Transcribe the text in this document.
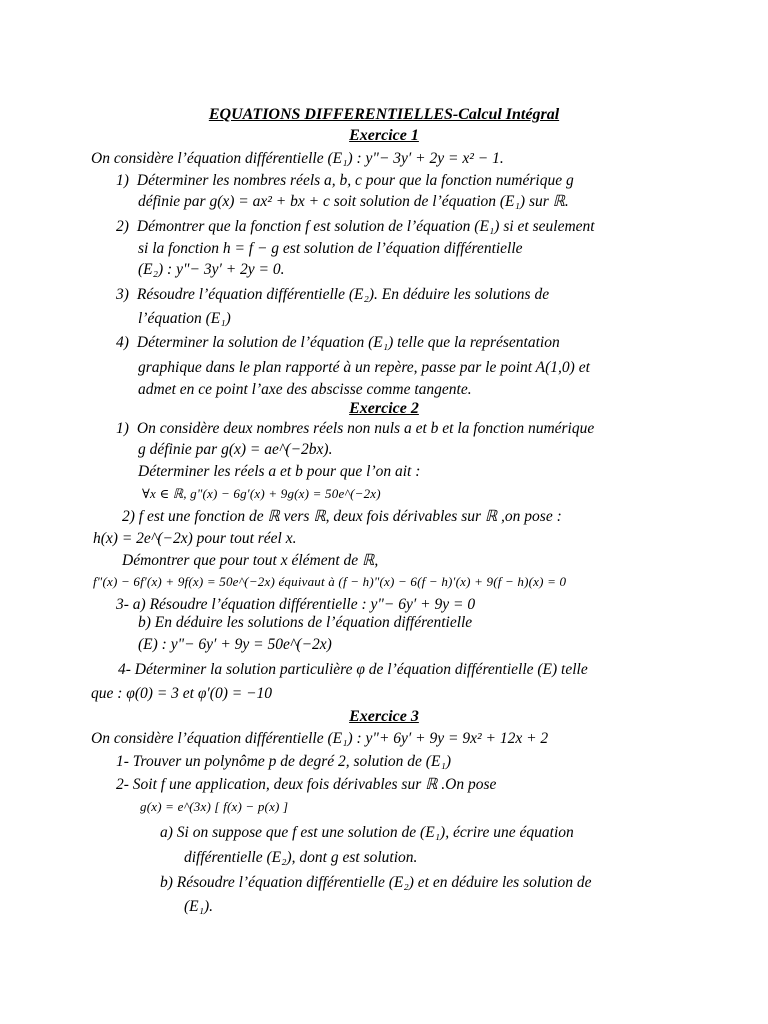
EQUATIONS DIFFERENTIELLES-Calcul Intégral
Exercice 1
On considère l’équation différentielle (E₁) : y"− 3y′ + 2y = x² − 1.
1) Déterminer les nombres réels a, b, c pour que la fonction numérique g
définie par g(x) = ax² + bx + c soit solution de l’équation (E₁) sur ℝ.
2) Démontrer que la fonction f est solution de l’équation (E₁) si et seulement
si la fonction h = f − g est solution de l’équation différentielle
(E₂) : y"− 3y′ + 2y = 0.
3) Résoudre l’équation différentielle (E₂). En déduire les solutions de
l’équation (E₁)
4) Déterminer la solution de l’équation (E₁) telle que la représentation
graphique dans le plan rapporté à un repère, passe par le point A(1,0) et
admet en ce point l’axe des abscisse comme tangente.
Exercice 2
1) On considère deux nombres réels non nuls a et b et la fonction numérique
g définie par g(x) = ae^(−2bx).
Déterminer les réels a et b pour que l’on ait :
∀x ∈ ℝ, g"(x) − 6g′(x) + 9g(x) = 50e^(−2x)
2) f est une fonction de ℝ vers ℝ, deux fois dérivables sur ℝ ,on pose :
h(x) = 2e^(−2x) pour tout réel x.
Démontrer que pour tout x élément de ℝ,
f"(x) − 6f′(x) + 9f(x) = 50e^(−2x) équivaut à (f − h)"(x) − 6(f − h)′(x) + 9(f − h)(x) = 0
3- a) Résoudre l’équation différentielle : y"− 6y′ + 9y = 0
b) En déduire les solutions de l’équation différentielle
(E) : y"− 6y′ + 9y = 50e^(−2x)
4- Déterminer la solution particulière φ de l’équation différentielle (E) telle
que : φ(0) = 3 et φ′(0) = −10
Exercice 3
On considère l’équation différentielle (E₁) : y"+ 6y′ + 9y = 9x² + 12x + 2
1- Trouver un polynôme p de degré 2, solution de (E₁)
2- Soit f une application, deux fois dérivables sur ℝ .On pose
g(x) = e^(3x) [ f(x) − p(x) ]
a) Si on suppose que f est une solution de (E₁), écrire une équation
différentielle (E₂), dont g est solution.
b) Résoudre l’équation différentielle (E₂) et en déduire les solution de
(E₁).
